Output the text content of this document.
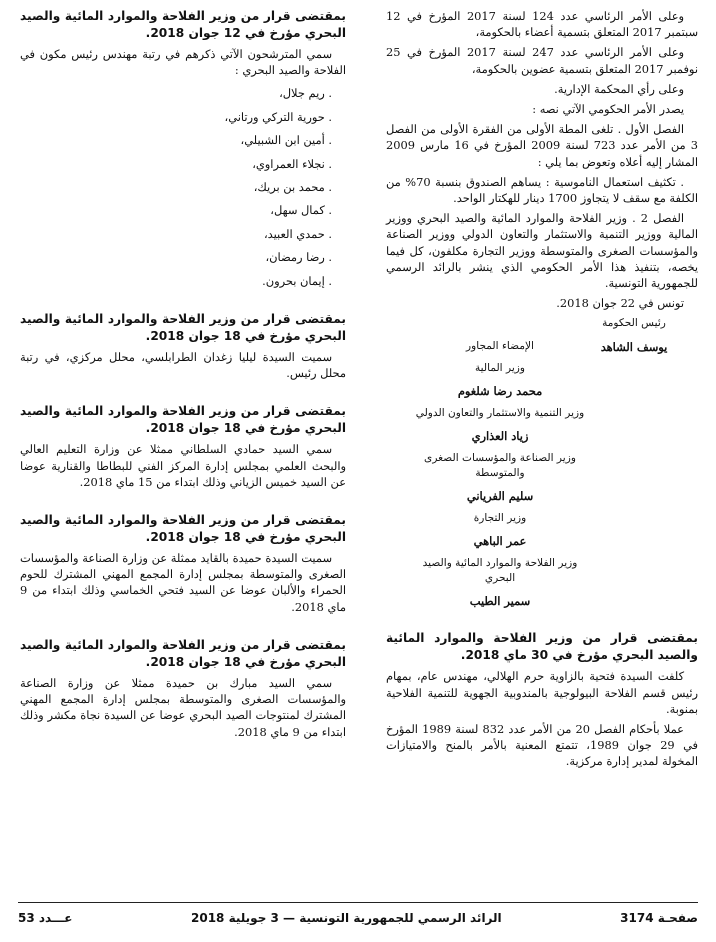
وعلى الأمر الرئاسي عدد 124 لسنة 2017 المؤرخ في 12 سبتمبر 2017 المتعلق بتسمية أعضاء بالحكومة،

وعلى الأمر الرئاسي عدد 247 لسنة 2017 المؤرخ في 25 نوفمبر 2017 المتعلق بتسمية عضوين بالحكومة،

وعلى رأي المحكمة الإدارية.

يصدر الأمر الحكومي الآتي نصه :

الفصل الأول . تلغى المطة الأولى من الفقرة الأولى من الفصل 3 من الأمر عدد 723 لسنة 2009 المؤرخ في 16 مارس 2009 المشار إليه أعلاه وتعوض بما يلي :

. تكثيف استعمال الناموسية : يساهم الصندوق بنسبة 70% من الكلفة مع سقف لا يتجاوز 1700 دينار للهكتار الواحد.

الفصل 2 . وزير الفلاحة والموارد المائية والصيد البحري ووزير المالية ووزير التنمية والاستثمار والتعاون الدولي ووزير الصناعة والمؤسسات الصغرى والمتوسطة ووزير التجارة مكلفون، كل فيما يخصه، بتنفيذ هذا الأمر الحكومي الذي ينشر بالرائد الرسمي للجمهورية التونسية.

تونس في 22 جوان 2018.

رئيس الحكومة
يوسف الشاهد
الإمضاء المجاور
وزير المالية
محمد رضا شلغوم
وزير التنمية والاستثمار والتعاون الدولي
زياد العذاري
وزير الصناعة والمؤسسات الصغرى والمتوسطة
سليم الفرياني
وزير التجارة
عمر الباهي
وزير الفلاحة والموارد المائية والصيد البحري
سمير الطيب
بمقتضى قرار من وزير الفلاحة والموارد المائية والصيد البحري مؤرخ في 30 ماي 2018.

كلفت السيدة فتحية بالزاوية حرم الهلالي، مهندس عام، بمهام رئيس قسم الفلاحة البيولوجية بالمندوبية الجهوية للتنمية الفلاحية بمنوبة.

عملا بأحكام الفصل 20 من الأمر عدد 832 لسنة 1989 المؤرخ في 29 جوان 1989، تتمتع المعنية بالأمر بالمنح والامتيازات المخولة لمدير إدارة مركزية.

بمقتضى قرار من وزير الفلاحة والموارد المائية والصيد البحري مؤرخ في 12 جوان 2018.

سمي المترشحون الآتي ذكرهم في رتبة مهندس رئيس مكون في الفلاحة والصيد البحري :

. ريم جلال،
. حورية التركي ورتاني،
. أمين ابن الشبيلي،
. نجلاء العمراوي،
. محمد بن بريك،
. كمال سهل،
. حمدي العبيد،
. رضا رمضان،
. إيمان بحرون.
بمقتضى قرار من وزير الفلاحة والموارد المائية والصيد البحري مؤرخ في 18 جوان 2018.

سميت السيدة ليليا زغدان الطرابلسي، محلل مركزي، في رتبة محلل رئيس.

بمقتضى قرار من وزير الفلاحة والموارد المائية والصيد البحري مؤرخ في 18 جوان 2018.

سمي السيد حمادي السلطاني ممثلا عن وزارة التعليم العالي والبحث العلمي بمجلس إدارة المركز الفني للبطاطا والقنارية عوضا عن السيد خميس الزياني وذلك ابتداء من 15 ماي 2018.

بمقتضى قرار من وزير الفلاحة والموارد المائية والصيد البحري مؤرخ في 18 جوان 2018.

سميت السيدة حميدة بالقايد ممثلة عن وزارة الصناعة والمؤسسات الصغرى والمتوسطة بمجلس إدارة المجمع المهني المشترك للحوم الحمراء والألبان عوضا عن السيد فتحي الخماسي وذلك ابتداء من 9 ماي 2018.

بمقتضى قرار من وزير الفلاحة والموارد المائية والصيد البحري مؤرخ في 18 جوان 2018.

سمي السيد مبارك بن حميدة ممثلا عن وزارة الصناعة والمؤسسات الصغرى والمتوسطة بمجلس إدارة المجمع المهني المشترك لمنتوجات الصيد البحري عوضا عن السيدة نجاة مكشر وذلك ابتداء من 9 ماي 2018.

عـــدد 53	الرائد الرسمي للجمهورية التونسية — 3 جويلية 2018	صفحـة 3174
